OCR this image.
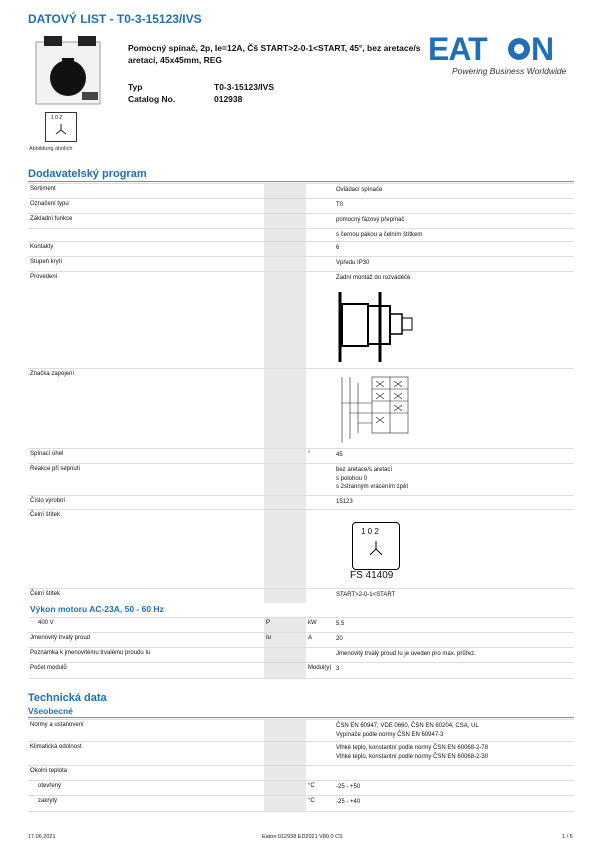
DATOVÝ LIST - T0-3-15123/IVS
Pomocný spínač, 2p, Ie=12A, Čš START>2-0-1<START, 45°, bez aretace/s aretací, 45x45mm, REG
Typ	T0-3-15123/IVS
Catalog No.	012938
EAT N
Powering Business Worldwide
1 0 2
Abbildung ähnlich
Dodavatelský program
Sortiment	Ovládací spínače
Označení typu	T0
Základní funkce	pomocný fázový přepínač
s černou pákou a čelním štítkem
Kontakty	6
Stupeň krytí	Vpředu IP30
Provedení	Zadní montáž do rozváděče
Značka zapojení
Spínací úhel	°	45
Reakce při sepnutí	bez aretace/s aretací
s polohou 0
s 2stranným vrácením zpět
Číslo výrobní	15123
Čelní štítek
1 0 2
FS 41409
Čelní štítek	START>2-0-1<START
Výkon motoru AC-23A, 50 - 60 Hz
400 V	P	kW	5.5
Jmenovitý trvalý proud	Iu	A	20
Poznámka k jmenovitému trvalému proudu Iu	Jmenovitý trvalý proud Iu je uveden pro max. průřez.
Počet modulů	Modul(y) 3
Technická data
Všeobecné
Normy a ustanovení	ČSN EN 60947, VDE 0660, ČSN EN 60204, CSA, UL
Vypínače podle normy ČSN EN 60947-3
Klimatická odolnost	Vlhké teplo, konstantní podle normy ČSN EN 60068-2-78
Vlhké teplo, konstantní podle normy ČSN EN 60068-2-30
Okolní teplota
otevřený	°C	-25 - +50
zakrytý	°C	-25 - +40
17.06.2021	Eaton 012938 ED2021 V80.0 CS	1 / 5
